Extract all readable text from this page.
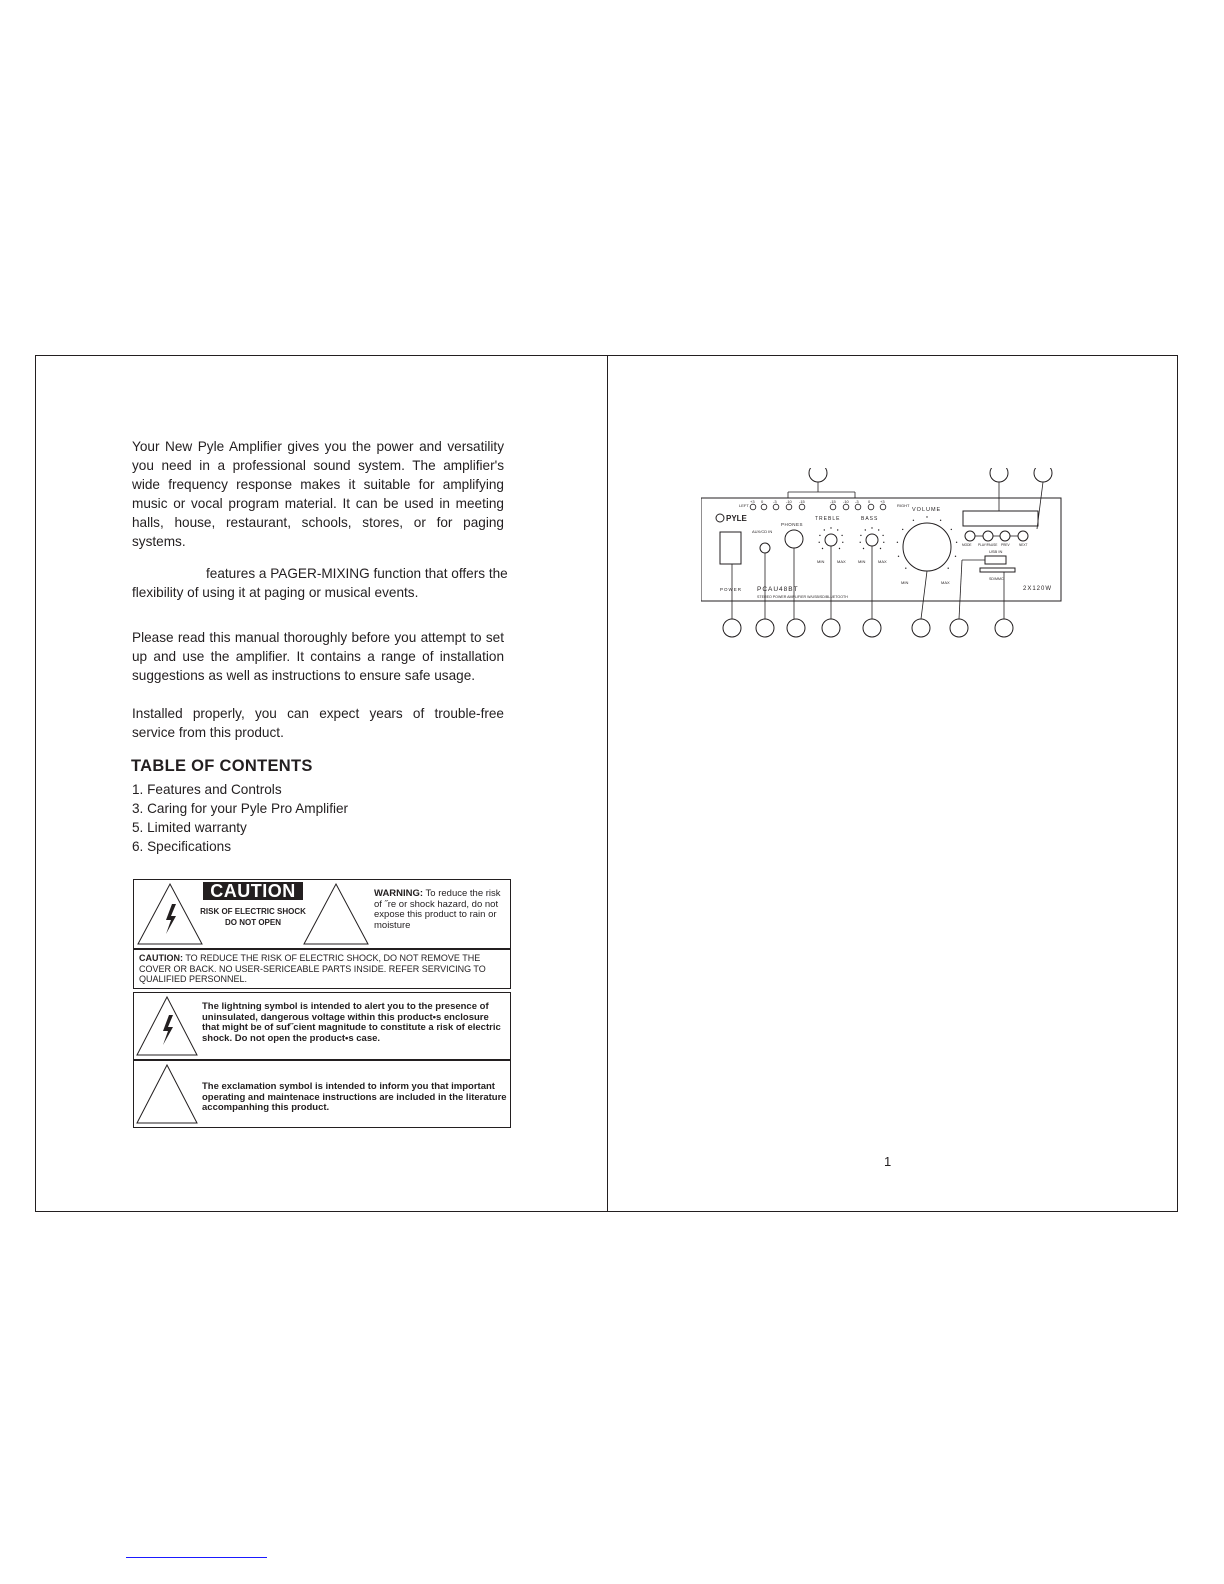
Your New Pyle Amplifier gives you the power and versatility you need in a professional sound system. The amplifier's wide frequency response makes it suitable for amplifying music or vocal program material. It can be used in meeting halls, house, restaurant, schools, stores, or for paging systems.

features a PAGER-MIXING function that offers the flexibility of using it at paging or musical events.

Please read this manual thoroughly before you attempt to set up and use the amplifier. It contains a range of installation suggestions as well as instructions to ensure safe usage.

Installed properly, you can expect years of trouble-free service from this product.

TABLE OF CONTENTS
1. Features and Controls
3. Caring for your Pyle Pro Amplifier
5. Limited warranty
6. Specifications
CAUTION
RISK OF ELECTRIC SHOCK
DO NOT OPEN
WARNING: To reduce the risk of ˝re or shock hazard, do not expose this product to rain or moisture
CAUTION: TO REDUCE THE RISK OF ELECTRIC SHOCK, DO NOT REMOVE THE COVER OR BACK. NO USER-SERICEABLE PARTS INSIDE. REFER SERVICING TO QUALIFIED PERSONNEL.
The lightning symbol is intended to alert you to the presence of uninsulated, dangerous voltage within this product•s enclosure that might be of suf˝cient magnitude to constitute a risk of electric shock. Do not open the product•s case.
The exclamation symbol is intended to inform you that important operating and maintenace instructions are included in the literature accompanhing this product.
PYLE
LEFT
+3 0 -3 -10 -15	-15 -10 -3 0 +3
RIGHT
VOLUME
MIN	MAX
TREBLE	BASS
MIN	MAX	MIN	MAX
PHONES
AUX/CD IN
POWER PCAU48BT
STEREO POWER AMPLIFIER W/USB/SD/BLUETOOTH
MODE PLAY/PAUSE PREV	NEXT
USB IN
SD/MMC
2X120W
1
